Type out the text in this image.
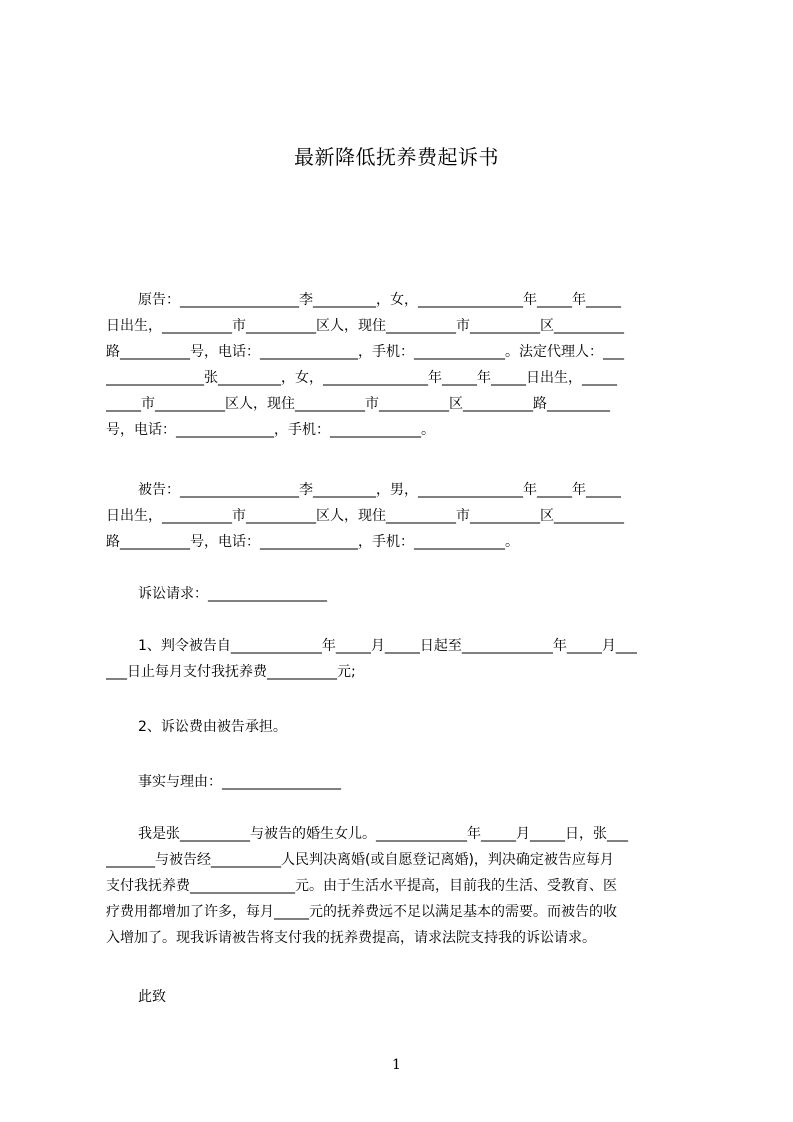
最新降低抚养费起诉书
原告：_________________李_________，女，_______________年_____年_____
日出生，__________市__________区人，现住__________市__________区__________
路__________号，电话：______________，手机：_____________。法定代理人：___
______________张_________，女，_______________年_____年_____日出生，_____
_____市__________区人，现住__________市__________区__________路_________
号，电话：______________，手机：_____________。
被告：_________________李_________，男，_______________年_____年_____
日出生，__________市__________区人，现住__________市__________区__________
路__________号，电话：______________，手机：_____________。
诉讼请求：_________________
1、判令被告自_____________年_____月_____日起至_____________年_____月___
___日止每月支付我抚养费__________元;
2、诉讼费由被告承担。
事实与理由：_________________
我是张__________与被告的婚生女儿。_____________年_____月_____日，张___
_______与被告经__________人民判决离婚(或自愿登记离婚)，判决确定被告应每月
支付我抚养费_______________元。由于生活水平提高，目前我的生活、受教育、医
疗费用都增加了许多，每月_____元的抚养费远不足以满足基本的需要。而被告的收
入增加了。现我诉请被告将支付我的抚养费提高，请求法院支持我的诉讼请求。
此致
1
